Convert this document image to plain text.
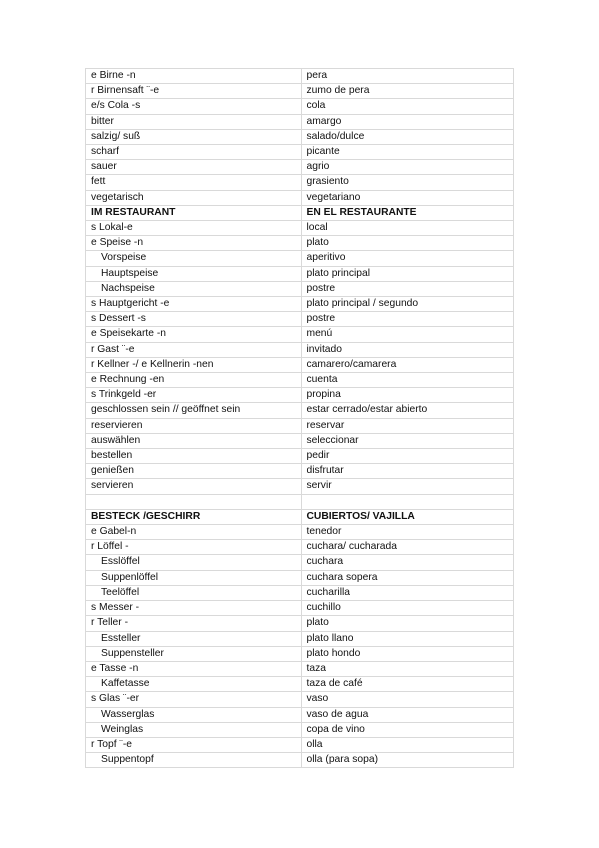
e Birne -n	pera
r Birnensaft ¨-e	zumo de pera
e/s Cola -s	cola
bitter	amargo
salzig/ suß	salado/dulce
scharf	picante
sauer	agrio
fett	grasiento
vegetarisch	vegetariano
IM RESTAURANT	EN EL RESTAURANTE
s Lokal-e	local
e Speise -n	plato
Vorspeise	aperitivo
Hauptspeise	plato principal
Nachspeise	postre
s Hauptgericht -e	plato principal / segundo
s Dessert -s	postre
e Speisekarte -n	menú
r Gast ¨-e	invitado
r Kellner -/ e Kellnerin -nen	camarero/camarera
e Rechnung -en	cuenta
s Trinkgeld -er	propina
geschlossen sein // geöffnet sein	estar cerrado/estar abierto
reservieren	reservar
auswählen	seleccionar
bestellen	pedir
genießen	disfrutar
servieren	servir

BESTECK /GESCHIRR	CUBIERTOS/ VAJILLA
e Gabel-n	tenedor
r Löffel -	cuchara/ cucharada
Esslöffel	cuchara
Suppenlöffel	cuchara sopera
Teelöffel	cucharilla
s Messer -	cuchillo
r Teller -	plato
Essteller	plato llano
Suppensteller	plato hondo
e Tasse -n	taza
Kaffetasse	taza de café
s Glas ¨-er	vaso
Wasserglas	vaso de agua
Weinglas	copa de vino
r Topf ¨-e	olla
Suppentopf	olla (para sopa)
